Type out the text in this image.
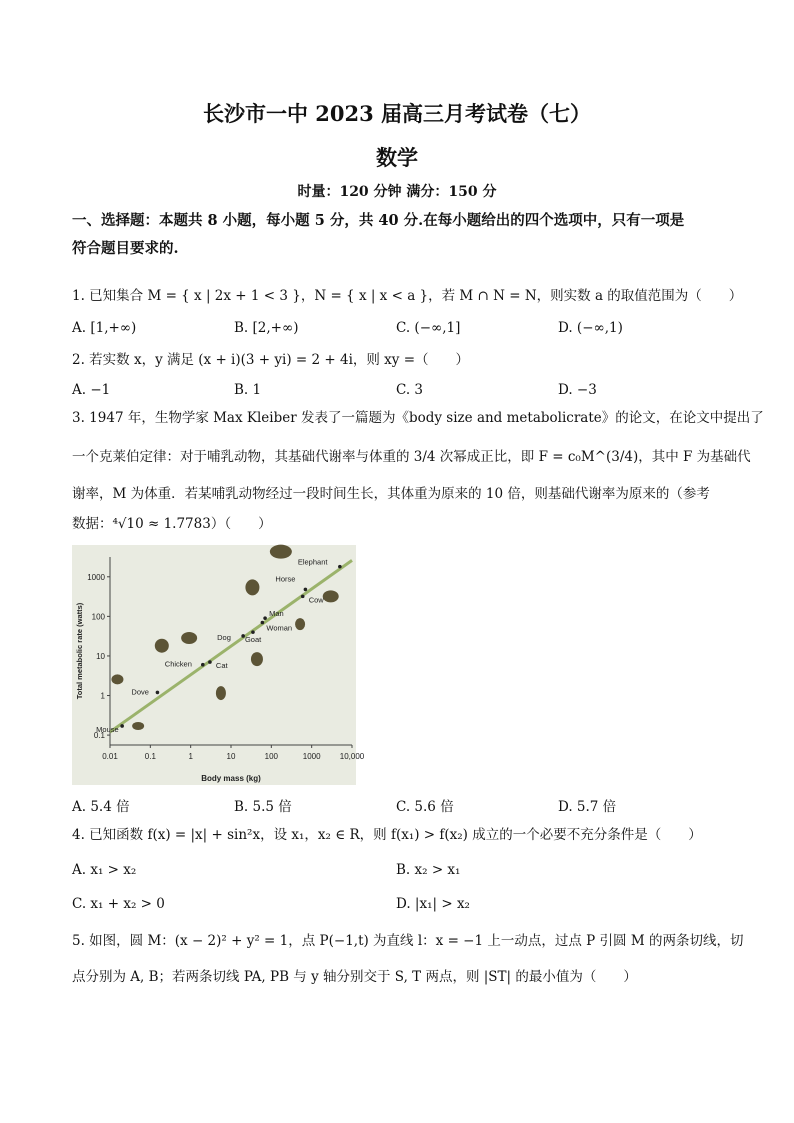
长沙市一中 2023 届高三月考试卷（七）
数学
时量：120 分钟 满分：150 分
一、选择题：本题共 8 小题，每小题 5 分，共 40 分.在每小题给出的四个选项中，只有一项是
符合题目要求的.
1. 已知集合 M = { x | 2x + 1 < 3 }，N = { x | x < a }，若 M ∩ N = N，则实数 a 的取值范围为（　　）
A. [1,+∞)	B. [2,+∞)	C. (−∞,1]	D. (−∞,1)
2. 若实数 x，y 满足 (x + i)(3 + yi) = 2 + 4i，则 xy =（　　）
A. −1	B. 1	C. 3	D. −3
3. 1947 年，生物学家 Max Kleiber 发表了一篇题为《body size and metabolicrate》的论文，在论文中提出了
一个克莱伯定律：对于哺乳动物，其基础代谢率与体重的 3/4 次幂成正比，即 F = c₀M^(3/4)，其中 F 为基础代
谢率，M 为体重．若某哺乳动物经过一段时间生长，其体重为原来的 10 倍，则基础代谢率为原来的（参考
数据：⁴√10 ≈ 1.7783）（　　）
0.01	0.1	1	10	100	1000 10,000
0.1
1
10
100
1000
Body mass (kg)
Total metabolic rate (watts)
Elephant
Horse
Cow
Man
Woman
Dog Goat
Chicken	Cat
Dove
Mouse
A. 5.4 倍	B. 5.5 倍	C. 5.6 倍	D. 5.7 倍
4. 已知函数 f(x) = |x| + sin²x，设 x₁，x₂ ∈ R，则 f(x₁) > f(x₂) 成立的一个必要不充分条件是（　　）
A. x₁ > x₂	B. x₂ > x₁
C. x₁ + x₂ > 0	D. |x₁| > x₂
5. 如图，圆 M：(x − 2)² + y² = 1，点 P(−1,t) 为直线 l：x = −1 上一动点，过点 P 引圆 M 的两条切线，切
点分别为 A, B；若两条切线 PA, PB 与 y 轴分别交于 S, T 两点，则 |ST| 的最小值为（　　）
